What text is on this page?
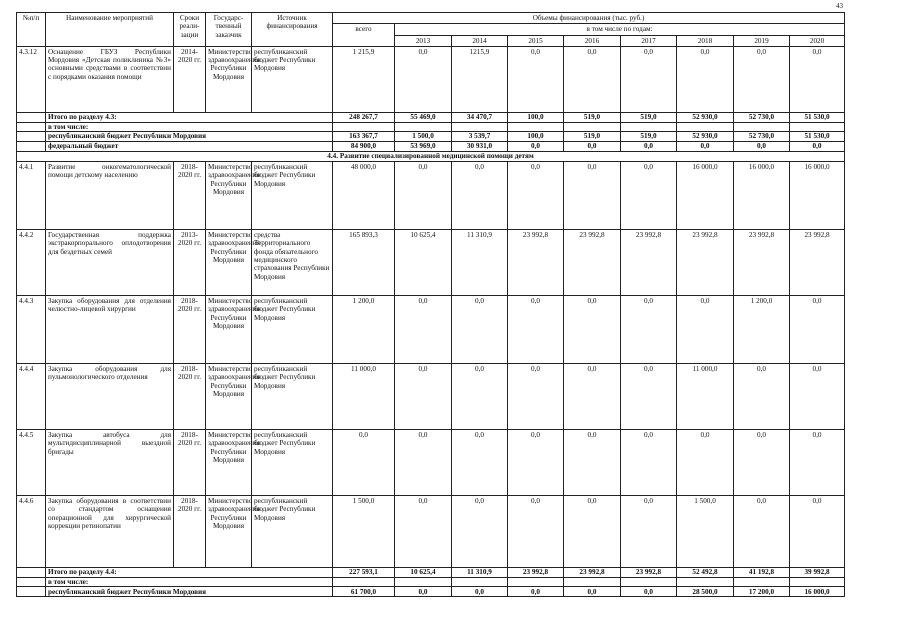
43
№п/п	Наименование мероприятий	Сроки реали-зации	Государс-твенный заказчик	Источник финансирования	Объемы финансирования (тыс. руб.)								
					всего	в том числе по годам:							
						2013	2014	2015	2016	2017	2018	2019	2020
4.3.12	Оснащение ГБУЗ Республики Мордовия «Детская поликлиника №3» основными средствами в соответствии с порядками оказания помощи	2014-2020 гг.	Министерство здравоохранения Республики Мордовия	республиканский бюджет Республики Мордовия	1 215,9	0,0	1215,9	0,0	0,0	0,0	0,0	0,0	0,0
	Итого по разделу 4.3:				248 267,7	55 469,0	34 470,7	100,0	519,0	519,0	52 930,0	52 730,0	51 530,0
	в том числе:												
	республиканский бюджет Республики Мордовия				163 367,7	1 500,0	3 539,7	100,0	519,0	519,0	52 930,0	52 730,0	51 530,0
	федеральный бюджет				84 900,0	53 969,0	30 931,0	0,0	0,0	0,0	0,0	0,0	0,0
4.4. Развитие специализированной медицинской помощи детям													
4.4.1	Развитие онкогематологической помощи детскому населению	2018-2020 гг.	Министерство здравоохранения Республики Мордовия	республиканский бюджет Республики Мордовия	48 000,0	0,0	0,0	0,0	0,0	0,0	16 000,0	16 000,0	16 000,0
4.4.2	Государственная поддержка экстракорпорального оплодотворения для бездетных семей	2013-2020 гг.	Министерство здравоохранения Республики Мордовия	средства Территориального фонда обязательного медицинского страхования Республики Мордовия	165 893,3	10 625,4	11 310,9	23 992,8	23 992,8	23 992,8	23 992,8	23 992,8	23 992,8
4.4.3	Закупка оборудования для отделения челюстно-лицевой хирургии	2018-2020 гг.	Министерство здравоохранения Республики Мордовия	республиканский бюджет Республики Мордовия	1 200,0	0,0	0,0	0,0	0,0	0,0	0,0	1 200,0	0,0
4.4.4	Закупка оборудования для пульмонологического отделения	2018-2020 гг.	Министерство здравоохранения Республики Мордовия	республиканский бюджет Республики Мордовия	11 000,0	0,0	0,0	0,0	0,0	0,0	11 000,0	0,0	0,0
4.4.5	Закупка автобуса для мультидисциплинарной выездной бригады	2018-2020 гг.	Министерство здравоохранения Республики Мордовия	республиканский бюджет Республики Мордовия	0,0	0,0	0,0	0,0	0,0	0,0	0,0	0,0	0,0
4.4.6	Закупка оборудования в соответствии со стандартом оснащения операционной для хирургической коррекции ретинопатии	2018-2020 гг.	Министерство здравоохранения Республики Мордовия	республиканский бюджет Республики Мордовия	1 500,0	0,0	0,0	0,0	0,0	0,0	1 500,0	0,0	0,0
	Итого по разделу 4.4:				227 593,1	10 625,4	11 310,9	23 992,8	23 992,8	23 992,8	52 492,8	41 192,8	39 992,8
	в том числе:												
	республиканский бюджет Республики Мордовия				61 700,0	0,0	0,0	0,0	0,0	0,0	28 500,0	17 200,0	16 000,0
